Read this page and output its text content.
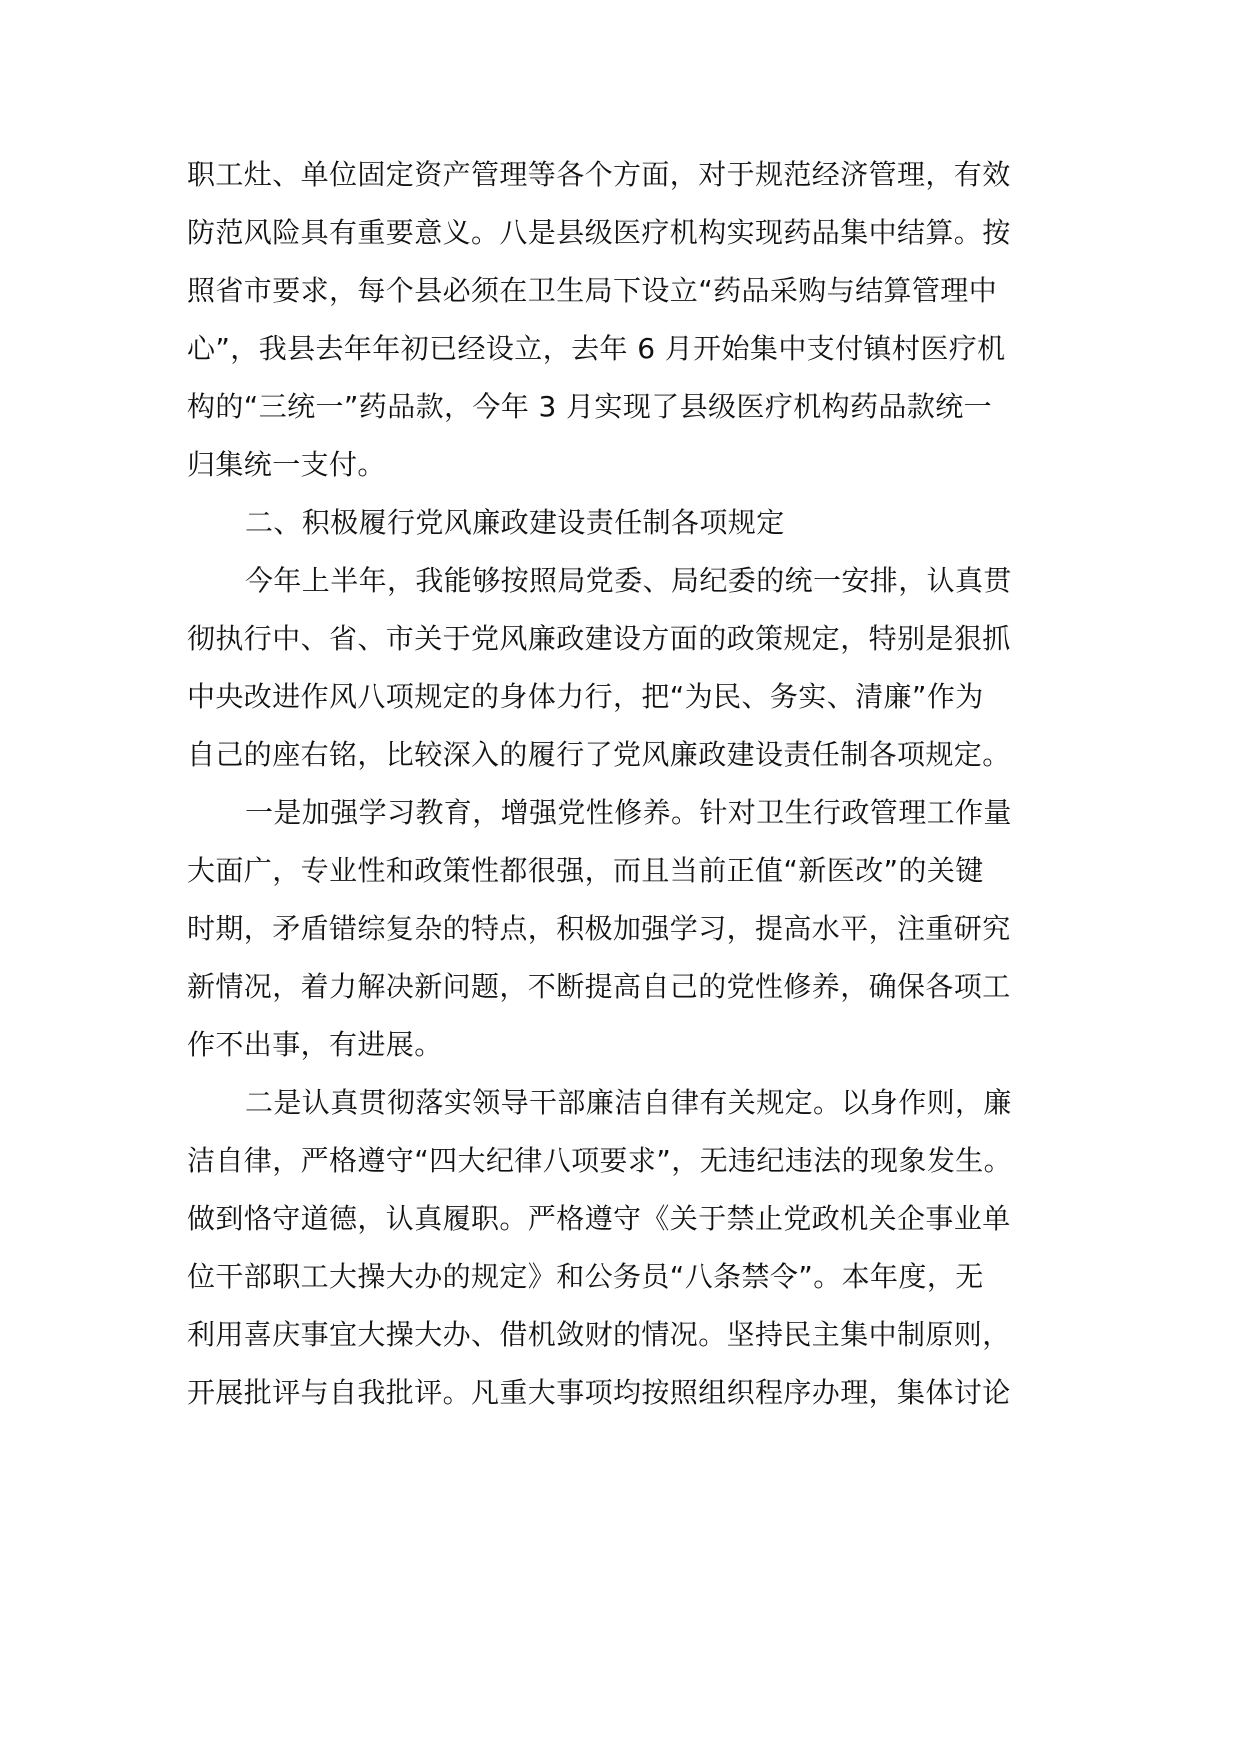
职工灶、单位固定资产管理等各个方面，对于规范经济管理，有效
防范风险具有重要意义。八是县级医疗机构实现药品集中结算。按
照省市要求，每个县必须在卫生局下设立“药品采购与结算管理中
心”，我县去年年初已经设立，去年 6 月开始集中支付镇村医疗机
构的“三统一”药品款，今年 3 月实现了县级医疗机构药品款统一
归集统一支付。
二、积极履行党风廉政建设责任制各项规定
今年上半年，我能够按照局党委、局纪委的统一安排，认真贯
彻执行中、省、市关于党风廉政建设方面的政策规定，特别是狠抓
中央改进作风八项规定的身体力行，把“为民、务实、清廉”作为
自己的座右铭，比较深入的履行了党风廉政建设责任制各项规定。
一是加强学习教育，增强党性修养。针对卫生行政管理工作量
大面广，专业性和政策性都很强，而且当前正值“新医改”的关键
时期，矛盾错综复杂的特点，积极加强学习，提高水平，注重研究
新情况，着力解决新问题，不断提高自己的党性修养，确保各项工
作不出事，有进展。
二是认真贯彻落实领导干部廉洁自律有关规定。以身作则，廉
洁自律，严格遵守“四大纪律八项要求”，无违纪违法的现象发生。
做到恪守道德，认真履职。严格遵守《关于禁止党政机关企事业单
位干部职工大操大办的规定》和公务员“八条禁令”。本年度，无
利用喜庆事宜大操大办、借机敛财的情况。坚持民主集中制原则，
开展批评与自我批评。凡重大事项均按照组织程序办理，集体讨论
